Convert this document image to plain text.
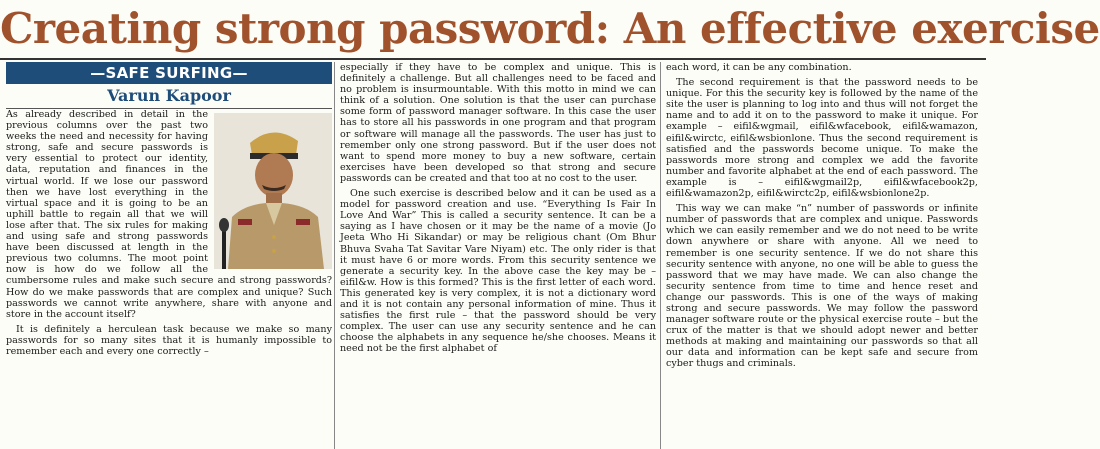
Creating strong password: An effective exercise
—SAFE SURFING—
Varun Kapoor

As already described in detail in the previous columns over the past two weeks the need and necessity for having strong, safe and secure passwords is very essential to protect our identity, data, reputation and finances in the virtual world. If we lose our password then we have lost everything in the virtual space and it is going to be an uphill battle to regain all that we will lose after that. The six rules for making and using safe and strong passwords have been discussed at length in the previous two columns. The moot point now is how do we follow all the cumbersome rules and make such secure and strong passwords? How do we make passwords that are complex and unique? Such passwords we cannot write anywhere, share with anyone and store in the account itself?

It is definitely a herculean task because we make so many passwords for so many sites that it is humanly impossible to remember each and every one correctly –

especially if they have to be complex and unique. This is definitely a challenge. But all challenges need to be faced and no problem is insurmountable. With this motto in mind we can think of a solution. One solution is that the user can purchase some form of password manager software. In this case the user has to store all his passwords in one program and that program or software will manage all the passwords. The user has just to remember only one strong password. But if the user does not want to spend more money to buy a new software, certain exercises have been developed so that strong and secure passwords can be created and that too at no cost to the user.

One such exercise is described below and it can be used as a model for password creation and use. “Everything Is Fair In Love And War” This is called a security sentence. It can be a saying as I have chosen or it may be the name of a movie (Jo Jeeta Who Hi Sikandar) or may be religious chant (Om Bhur Bhuva Svaha Tat Savitar Vare Niyam) etc. The only rider is that it must have 6 or more words. From this security sentence we generate a security key. In the above case the key may be – eifil&w. How is this formed? This is the first letter of each word. This generated key is very complex, it is not a dictionary word and it is not contain any personal information of mine. Thus it satisfies the first rule – that the password should be very complex. The user can use any security sentence and he can choose the alphabets in any sequence he/she chooses. Means it need not be the first alphabet of

each word, it can be any combination.

The second requirement is that the password needs to be unique. For this the security key is followed by the name of the site the user is planning to log into and thus will not forget the name and to add it on to the password to make it unique. For example – eifil&wgmail, eifil&wfacebook, eifil&wamazon, eifil&wirctc, eifil&wsbionlone. Thus the second requirement is satisfied and the passwords become unique. To make the passwords more strong and complex we add the favorite number and favorite alphabet at the end of each password. The example is – eifil&wgmail2p, eifil&wfacebook2p, eifil&wamazon2p, eifil&wirctc2p, eifil&wsbionlone2p.

This way we can make “n” number of passwords or infinite number of passwords that are complex and unique. Passwords which we can easily remember and we do not need to be write down anywhere or share with anyone. All we need to remember is one security sentence. If we do not share this security sentence with anyone, no one will be able to guess the password that we may have made. We can also change the security sentence from time to time and hence reset and change our passwords. This is one of the ways of making strong and secure passwords. We may follow the password manager software route or the physical exercise route – but the crux of the matter is that we should adopt newer and better methods at making and maintaining our passwords so that all our data and information can be kept safe and secure from cyber thugs and criminals.
